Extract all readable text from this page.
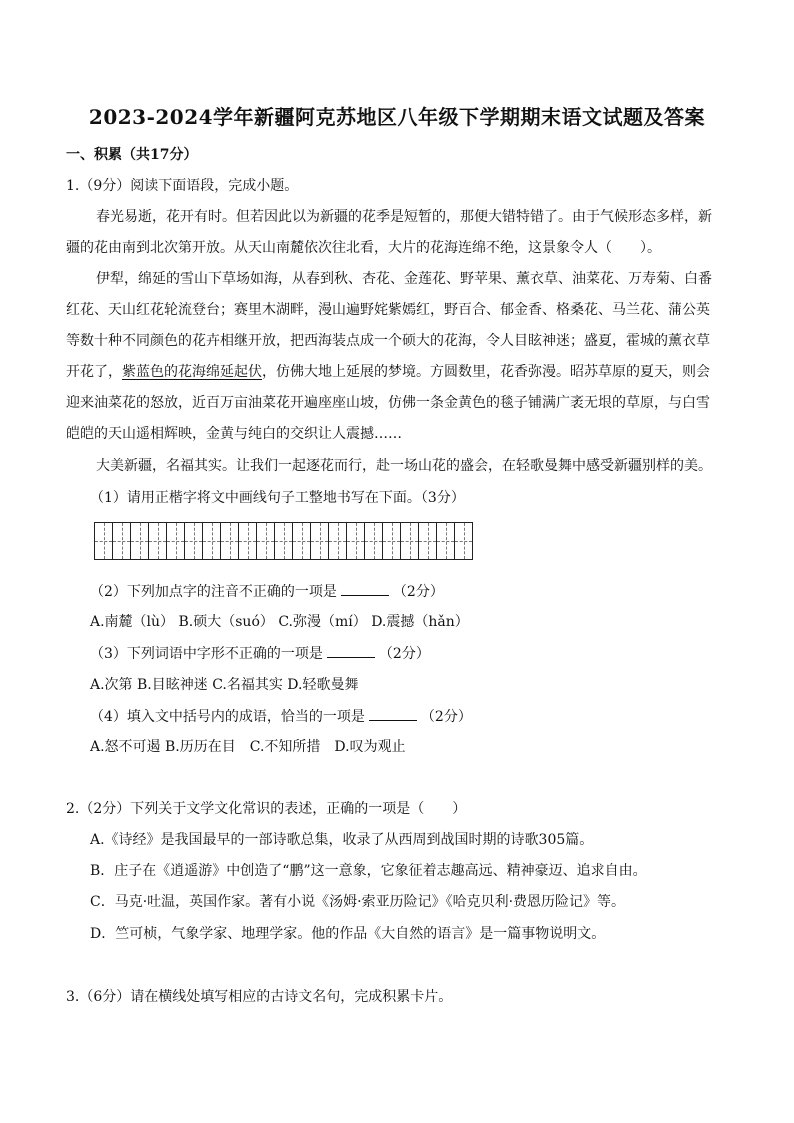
2023-2024学年新疆阿克苏地区八年级下学期期末语文试题及答案
一、积累（共17分）
1.（9分）阅读下面语段，完成小题。
春光易逝，花开有时。但若因此以为新疆的花季是短暂的，那便大错特错了。由于气候形态多样，新
疆的花由南到北次第开放。从天山南麓依次往北看，大片的花海连绵不绝，这景象令人（　　）。
伊犁，绵延的雪山下草场如海，从春到秋、杏花、金莲花、野苹果、薰衣草、油菜花、万寿菊、白番
红花、天山红花轮流登台；赛里木湖畔，漫山遍野姹紫嫣红，野百合、郁金香、格桑花、马兰花、蒲公英
等数十种不同颜色的花卉相继开放，把西海装点成一个硕大的花海，令人目眩神迷；盛夏，霍城的薰衣草
开花了，紫蓝色的花海绵延起伏，仿佛大地上延展的梦境。方圆数里，花香弥漫。昭苏草原的夏天，则会
迎来油菜花的怒放，近百万亩油菜花开遍座座山坡，仿佛一条金黄色的毯子铺满广袤无垠的草原，与白雪
皑皑的天山遥相辉映，金黄与纯白的交织让人震撼……
大美新疆，名福其实。让我们一起逐花而行，赴一场山花的盛会，在轻歌曼舞中感受新疆别样的美。
（1）请用正楷字将文中画线句子工整地书写在下面。（3分）
（2）下列加点字的注音不正确的一项是	（2分）
A.南麓（lù） B.硕大（suó） C.弥漫（mí） D.震撼（hǎn）
（3）下列词语中字形不正确的一项是	（2分）
A.次第 B.目眩神迷 C.名福其实 D.轻歌曼舞
（4）填入文中括号内的成语，恰当的一项是	（2分）
A.怒不可遏 B.历历在目　C.不知所措　D.叹为观止
2.（2分）下列关于文学文化常识的表述，正确的一项是（　　）
A.《诗经》是我国最早的一部诗歌总集，收录了从西周到战国时期的诗歌305篇。
B．庄子在《逍遥游》中创造了“鹏”这一意象，它象征着志趣高远、精神豪迈、追求自由。
C．马克·吐温，英国作家。著有小说《汤姆·索亚历险记》《哈克贝利·费恩历险记》等。
D．竺可桢，气象学家、地理学家。他的作品《大自然的语言》是一篇事物说明文。
3.（6分）请在横线处填写相应的古诗文名句，完成积累卡片。
